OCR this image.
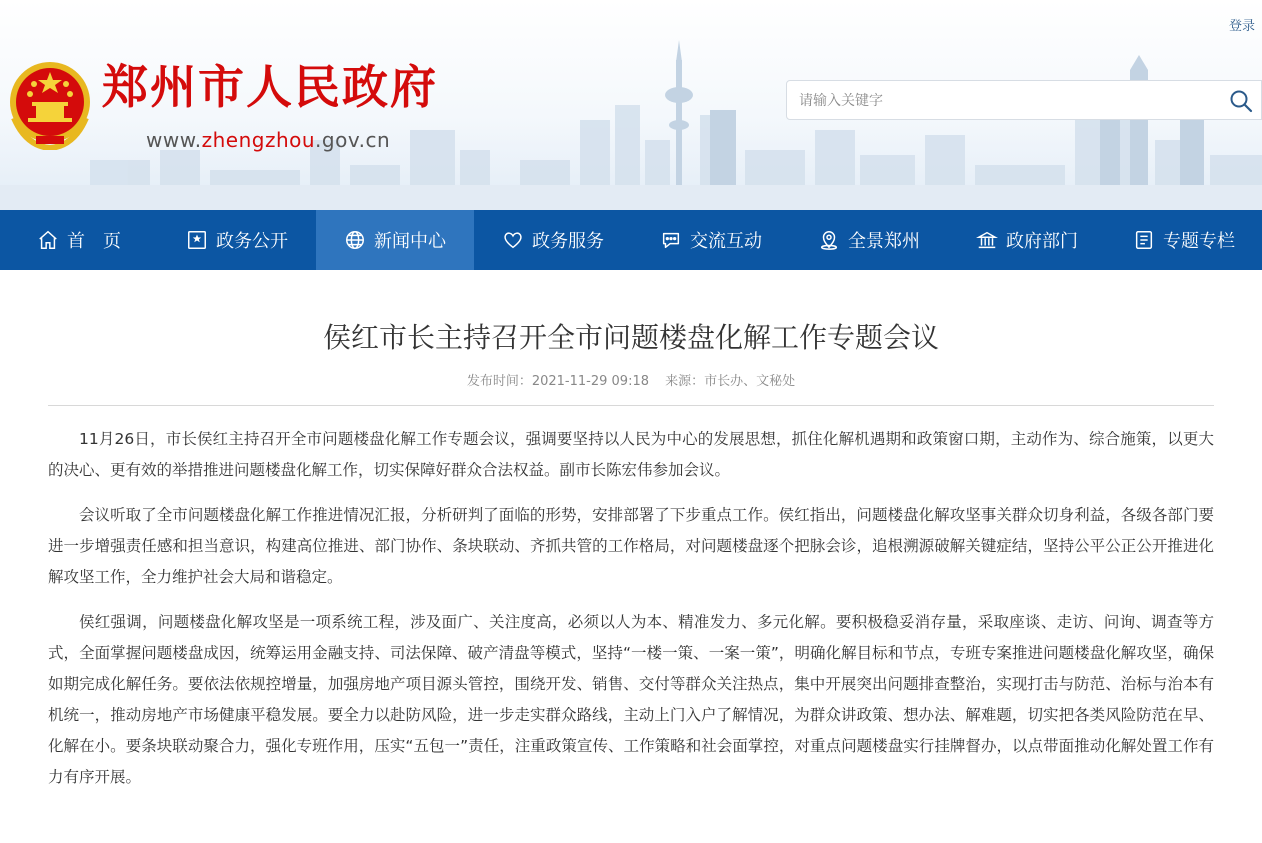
登录
郑州市人民政府
www.zhengzhou.gov.cn
请输入关键字
首　页	政务公开	新闻中心	政务服务	交流互动	全景郑州	政府部门	专题专栏
侯红市长主持召开全市问题楼盘化解工作专题会议
发布时间：2021-11-29 09:18 来源：市长办、文秘处

11月26日，市长侯红主持召开全市问题楼盘化解工作专题会议，强调要坚持以人民为中心的发展思想，抓住化解机遇期和政策窗口期，主动作为、综合施策，以更大的决心、更有效的举措推进问题楼盘化解工作，切实保障好群众合法权益。副市长陈宏伟参加会议。

会议听取了全市问题楼盘化解工作推进情况汇报，分析研判了面临的形势，安排部署了下步重点工作。侯红指出，问题楼盘化解攻坚事关群众切身利益，各级各部门要进一步增强责任感和担当意识，构建高位推进、部门协作、条块联动、齐抓共管的工作格局，对问题楼盘逐个把脉会诊，追根溯源破解关键症结，坚持公平公正公开推进化解攻坚工作，全力维护社会大局和谐稳定。

侯红强调，问题楼盘化解攻坚是一项系统工程，涉及面广、关注度高，必须以人为本、精准发力、多元化解。要积极稳妥消存量，采取座谈、走访、问询、调查等方式，全面掌握问题楼盘成因，统筹运用金融支持、司法保障、破产清盘等模式，坚持“一楼一策、一案一策”，明确化解目标和节点，专班专案推进问题楼盘化解攻坚，确保如期完成化解任务。要依法依规控增量，加强房地产项目源头管控，围绕开发、销售、交付等群众关注热点，集中开展突出问题排查整治，实现打击与防范、治标与治本有机统一，推动房地产市场健康平稳发展。要全力以赴防风险，进一步走实群众路线，主动上门入户了解情况，为群众讲政策、想办法、解难题，切实把各类风险防范在早、化解在小。要条块联动聚合力，强化专班作用，压实“五包一”责任，注重政策宣传、工作策略和社会面掌控，对重点问题楼盘实行挂牌督办，以点带面推动化解处置工作有力有序开展。
